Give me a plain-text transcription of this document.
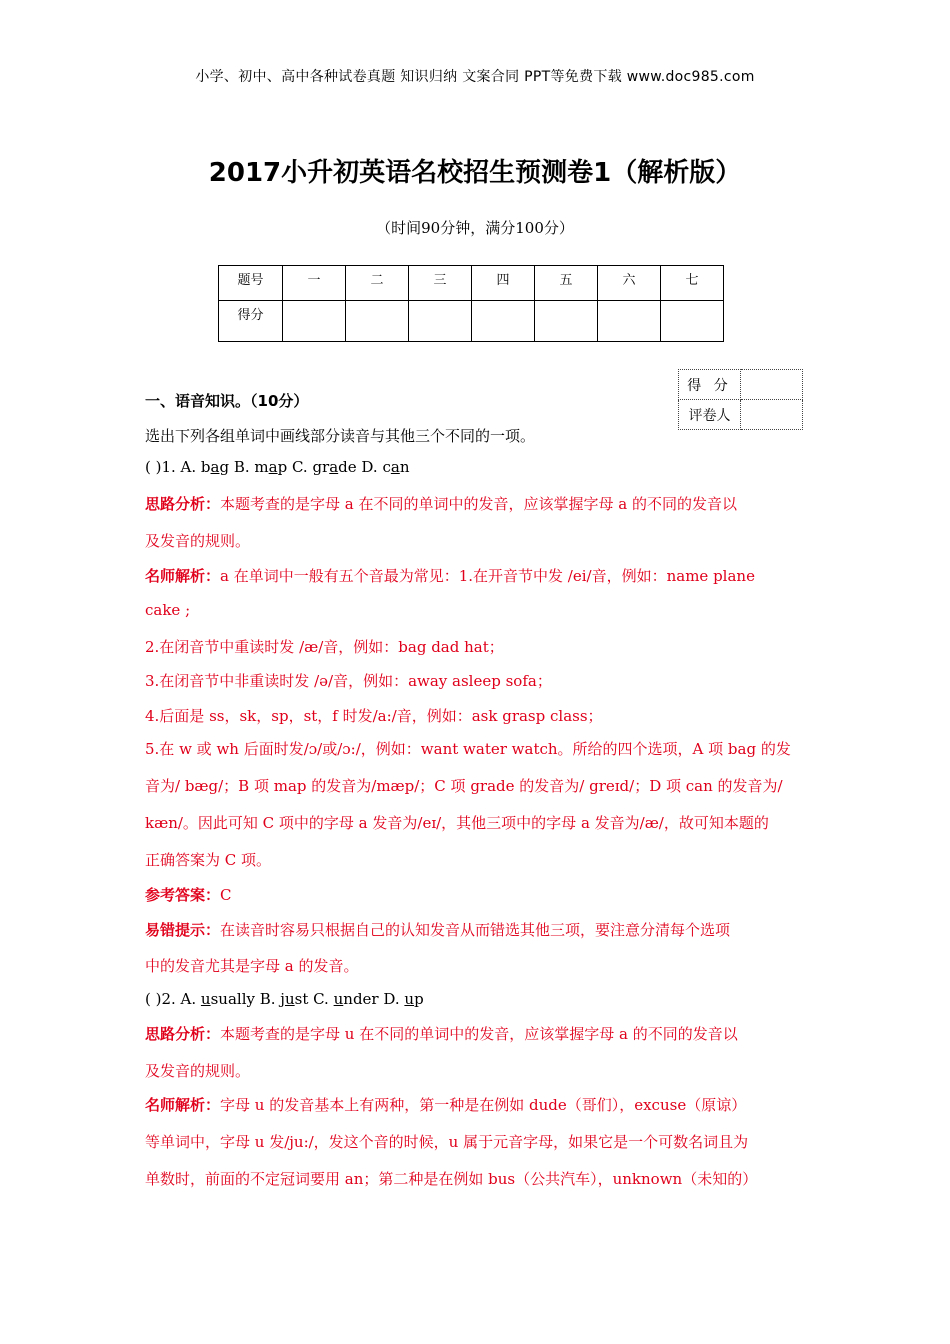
小学、初中、高中各种试卷真题 知识归纳 文案合同 PPT等免费下载 www.doc985.com
2017小升初英语名校招生预测卷1（解析版）
（时间90分钟，满分100分）
题号	一	二	三	四	五	六	七
得分							
得 分	
评卷人	
一、语音知识。（10分）
选出下列各组单词中画线部分读音与其他三个不同的一项。
( )1. A. bag B. map C. grade D. can
思路分析：本题考查的是字母 a 在不同的单词中的发音，应该掌握字母 a 的不同的发音以
及发音的规则。
名师解析：a 在单词中一般有五个音最为常见：1.在开音节中发 /ei/音，例如：name plane
cake ;
2.在闭音节中重读时发 /æ/音，例如：bag dad hat；
3.在闭音节中非重读时发 /ə/音，例如：away asleep sofa；
4.后面是 ss，sk，sp，st，f 时发/a:/音，例如：ask grasp class；
5.在 w 或 wh 后面时发/ɔ/或/ɔ:/，例如：want water watch。所给的四个选项，A 项 bag 的发
音为/ bæg/；B 项 map 的发音为/mæp/；C 项 grade 的发音为/ greɪd/；D 项 can 的发音为/
kæn/。因此可知 C 项中的字母 a 发音为/eɪ/，其他三项中的字母 a 发音为/æ/，故可知本题的
正确答案为 C 项。
参考答案：C
易错提示：在读音时容易只根据自己的认知发音从而错选其他三项，要注意分清每个选项
中的发音尤其是字母 a 的发音。
( )2. A. usually B. just C. under D. up
思路分析：本题考查的是字母 u 在不同的单词中的发音，应该掌握字母 a 的不同的发音以
及发音的规则。
名师解析：字母 u 的发音基本上有两种，第一种是在例如 dude（哥们），excuse（原谅）
等单词中，字母 u 发/ju:/，发这个音的时候，u 属于元音字母，如果它是一个可数名词且为
单数时，前面的不定冠词要用 an；第二种是在例如 bus（公共汽车），unknown（未知的）
